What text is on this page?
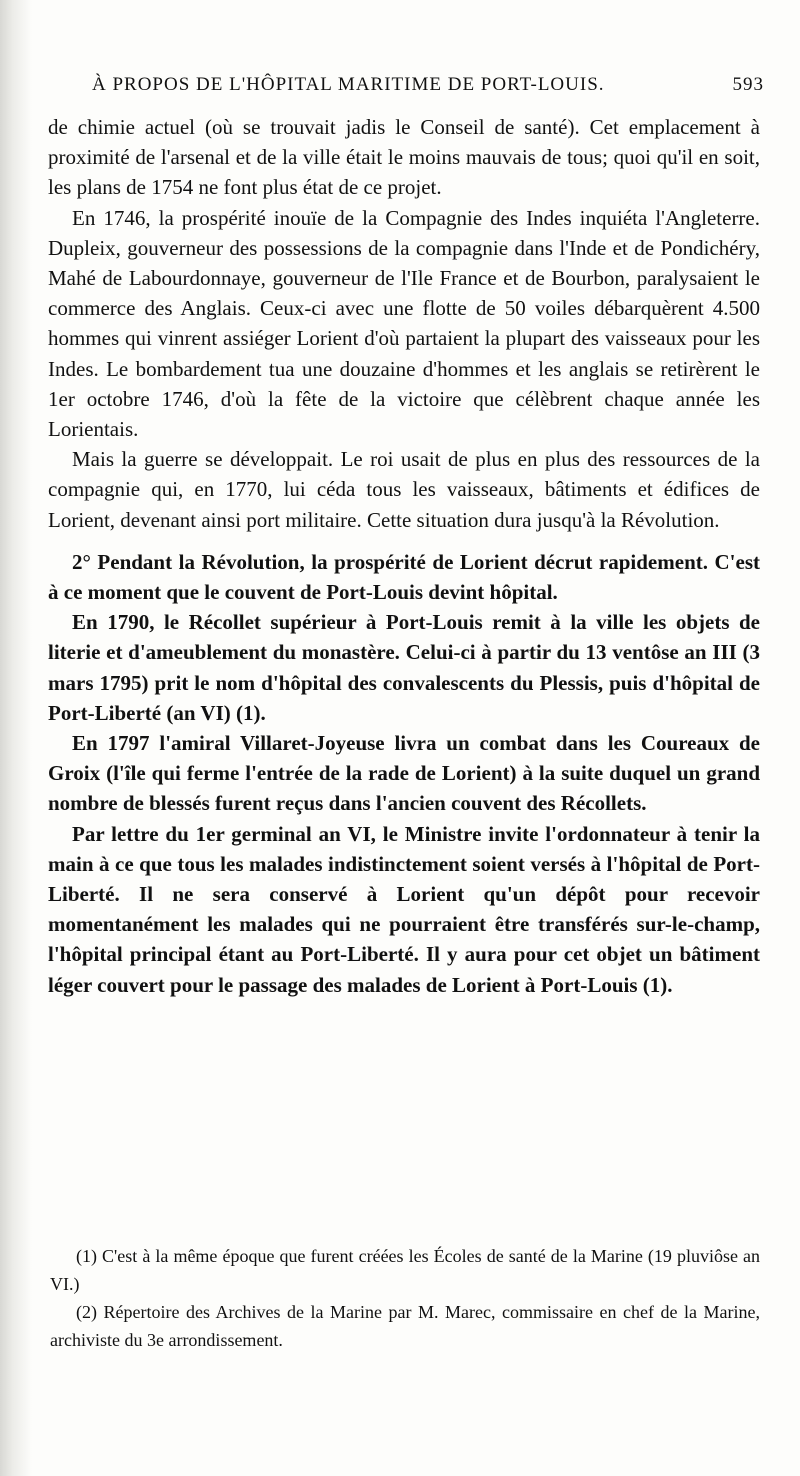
À PROPOS DE L'HÔPITAL MARITIME DE PORT-LOUIS.	593

de chimie actuel (où se trouvait jadis le Conseil de santé). Cet emplacement à proximité de l'arsenal et de la ville était le moins mauvais de tous; quoi qu'il en soit, les plans de 1754 ne font plus état de ce projet.

En 1746, la prospérité inouïe de la Compagnie des Indes inquiéta l'Angleterre. Dupleix, gouverneur des possessions de la compagnie dans l'Inde et de Pondichéry, Mahé de Labourdonnaye, gouverneur de l'Ile France et de Bourbon, paralysaient le commerce des Anglais. Ceux-ci avec une flotte de 50 voiles débarquèrent 4.500 hommes qui vinrent assiéger Lorient d'où partaient la plupart des vaisseaux pour les Indes. Le bombardement tua une douzaine d'hommes et les anglais se retirèrent le 1er octobre 1746, d'où la fête de la victoire que célèbrent chaque année les Lorientais.

Mais la guerre se développait. Le roi usait de plus en plus des ressources de la compagnie qui, en 1770, lui céda tous les vaisseaux, bâtiments et édifices de Lorient, devenant ainsi port militaire. Cette situation dura jusqu'à la Révolution.

2° Pendant la Révolution, la prospérité de Lorient décrut rapidement. C'est à ce moment que le couvent de Port-Louis devint hôpital.

En 1790, le Récollet supérieur à Port-Louis remit à la ville les objets de literie et d'ameublement du monastère. Celui-ci à partir du 13 ventôse an III (3 mars 1795) prit le nom d'hôpital des convalescents du Plessis, puis d'hôpital de Port-Liberté (an VI) (1).

En 1797 l'amiral Villaret-Joyeuse livra un combat dans les Coureaux de Groix (l'île qui ferme l'entrée de la rade de Lorient) à la suite duquel un grand nombre de blessés furent reçus dans l'ancien couvent des Récollets.

Par lettre du 1er germinal an VI, le Ministre invite l'ordonnateur à tenir la main à ce que tous les malades indistinctement soient versés à l'hôpital de Port-Liberté. Il ne sera conservé à Lorient qu'un dépôt pour recevoir momentanément les malades qui ne pourraient être transférés sur-le-champ, l'hôpital principal étant au Port-Liberté. Il y aura pour cet objet un bâtiment léger couvert pour le passage des malades de Lorient à Port-Louis (1).

(1) C'est à la même époque que furent créées les Écoles de santé de la Marine (19 pluviôse an VI.)

(2) Répertoire des Archives de la Marine par M. Marec, commissaire en chef de la Marine, archiviste du 3e arrondissement.
